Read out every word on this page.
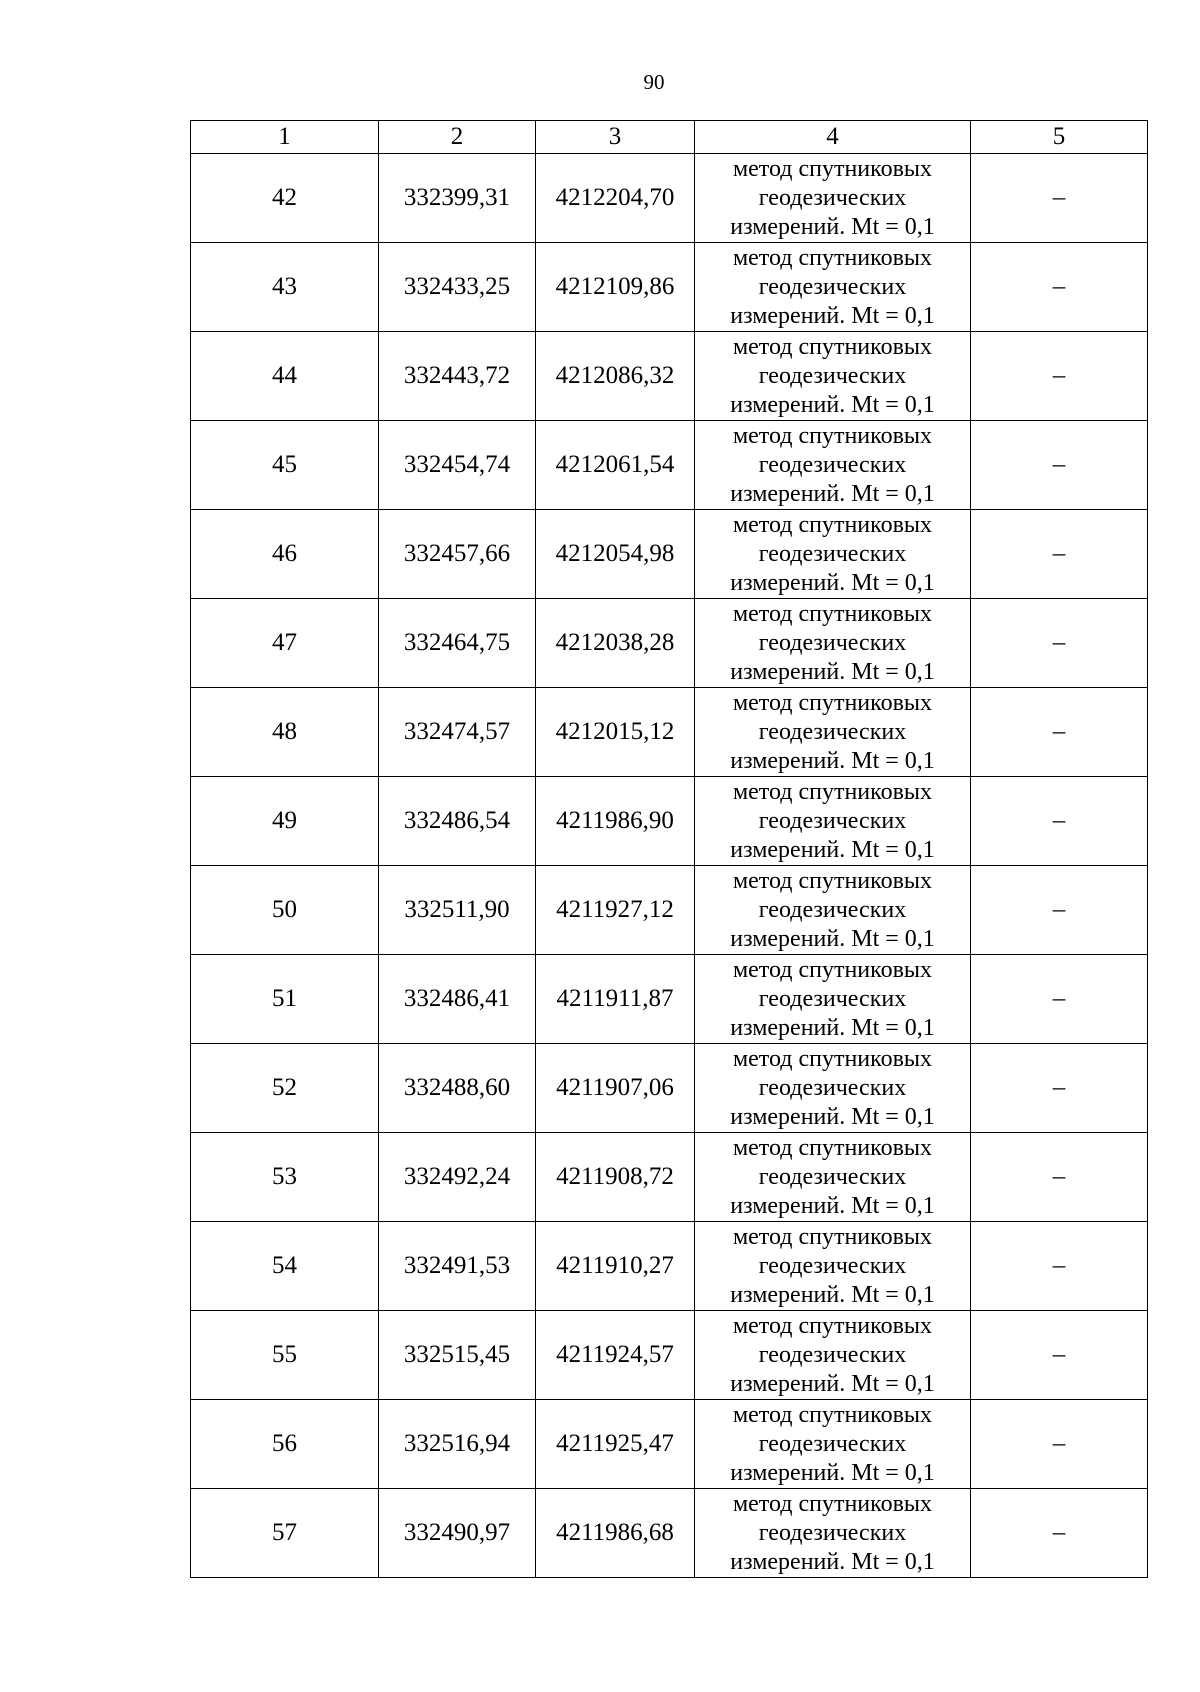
90
1	2	3	4	5
42	332399,31	4212204,70	метод спутниковых
геодезических
измерений. Mt = 0,1	–
43	332433,25	4212109,86	метод спутниковых
геодезических
измерений. Mt = 0,1	–
44	332443,72	4212086,32	метод спутниковых
геодезических
измерений. Mt = 0,1	–
45	332454,74	4212061,54	метод спутниковых
геодезических
измерений. Mt = 0,1	–
46	332457,66	4212054,98	метод спутниковых
геодезических
измерений. Mt = 0,1	–
47	332464,75	4212038,28	метод спутниковых
геодезических
измерений. Mt = 0,1	–
48	332474,57	4212015,12	метод спутниковых
геодезических
измерений. Mt = 0,1	–
49	332486,54	4211986,90	метод спутниковых
геодезических
измерений. Mt = 0,1	–
50	332511,90	4211927,12	метод спутниковых
геодезических
измерений. Mt = 0,1	–
51	332486,41	4211911,87	метод спутниковых
геодезических
измерений. Mt = 0,1	–
52	332488,60	4211907,06	метод спутниковых
геодезических
измерений. Mt = 0,1	–
53	332492,24	4211908,72	метод спутниковых
геодезических
измерений. Mt = 0,1	–
54	332491,53	4211910,27	метод спутниковых
геодезических
измерений. Mt = 0,1	–
55	332515,45	4211924,57	метод спутниковых
геодезических
измерений. Mt = 0,1	–
56	332516,94	4211925,47	метод спутниковых
геодезических
измерений. Mt = 0,1	–
57	332490,97	4211986,68	метод спутниковых
геодезических
измерений. Mt = 0,1	–
